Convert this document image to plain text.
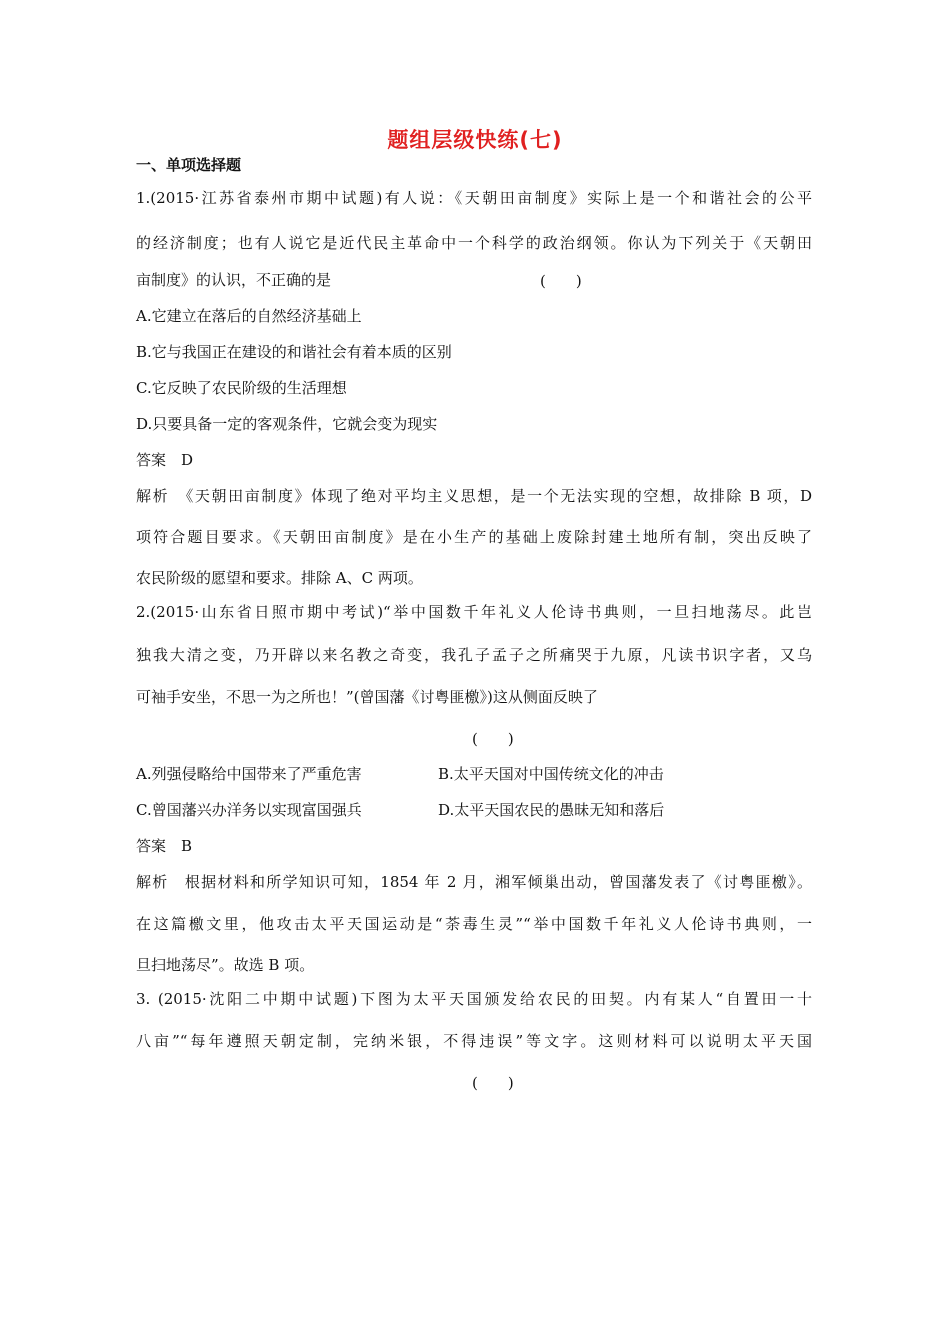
题组层级快练(七)
一、单项选择题
1.(2015·江苏省泰州市期中试题)有人说：《天朝田亩制度》实际上是一个和谐社会的公平
的经济制度；也有人说它是近代民主革命中一个科学的政治纲领。你认为下列关于《天朝田
亩制度》的认识，不正确的是	(　　)
A.它建立在落后的自然经济基础上
B.它与我国正在建设的和谐社会有着本质的区别
C.它反映了农民阶级的生活理想
D.只要具备一定的客观条件，它就会变为现实
答案　D
解析　《天朝田亩制度》体现了绝对平均主义思想，是一个无法实现的空想，故排除 B 项，D
项符合题目要求。《天朝田亩制度》是在小生产的基础上废除封建土地所有制，突出反映了
农民阶级的愿望和要求。排除 A、C 两项。
2.(2015·山东省日照市期中考试)“举中国数千年礼义人伦诗书典则，一旦扫地荡尽。此岂
独我大清之变，乃开辟以来名教之奇变，我孔子孟子之所痛哭于九原，凡读书识字者，又乌
可袖手安坐，不思一为之所也！”(曾国藩《讨粤匪檄》)这从侧面反映了
(　　)
A.列强侵略给中国带来了严重危害	B.太平天国对中国传统文化的冲击
C.曾国藩兴办洋务以实现富国强兵	D.太平天国农民的愚昧无知和落后
答案　B
解析　根据材料和所学知识可知，1854 年 2 月，湘军倾巢出动，曾国藩发表了《讨粤匪檄》。
在这篇檄文里，他攻击太平天国运动是“荼毒生灵”“举中国数千年礼义人伦诗书典则，一
旦扫地荡尽”。故选 B 项。
3. (2015·沈阳二中期中试题)下图为太平天国颁发给农民的田契。内有某人“自置田一十
八亩”“每年遵照天朝定制，完纳米银，不得违误”等文字。这则材料可以说明太平天国
(　　)
